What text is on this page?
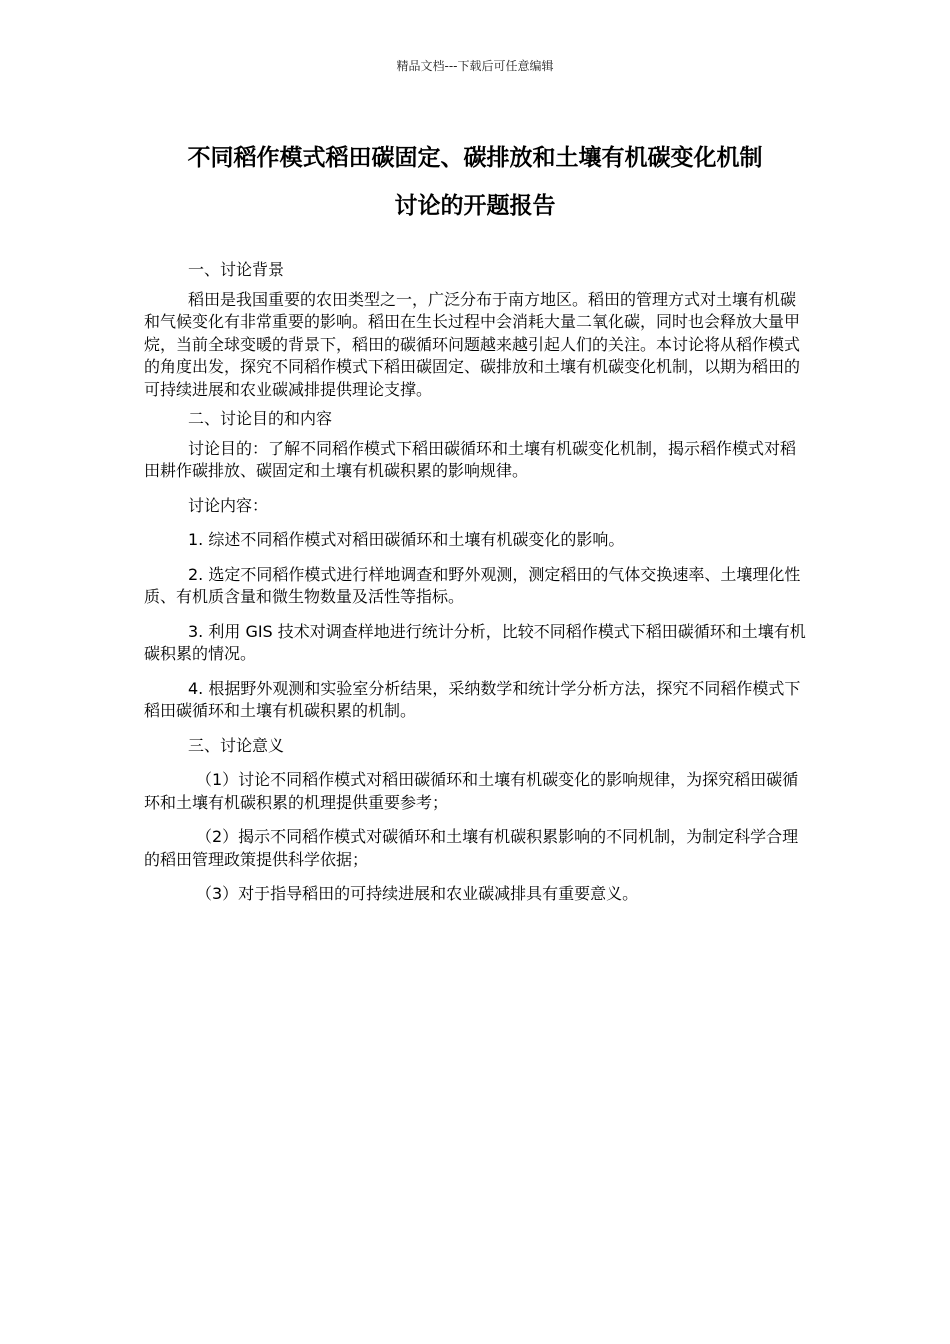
精品文档---下载后可任意编辑
不同稻作模式稻田碳固定、碳排放和土壤有机碳变化机制
讨论的开题报告

一、讨论背景

稻田是我国重要的农田类型之一，广泛分布于南方地区。稻田的管理方式对土壤有机碳和气候变化有非常重要的影响。稻田在生长过程中会消耗大量二氧化碳，同时也会释放大量甲烷，当前全球变暖的背景下，稻田的碳循环问题越来越引起人们的关注。本讨论将从稻作模式的角度出发，探究不同稻作模式下稻田碳固定、碳排放和土壤有机碳变化机制，以期为稻田的可持续进展和农业碳减排提供理论支撑。

二、讨论目的和内容

讨论目的：了解不同稻作模式下稻田碳循环和土壤有机碳变化机制，揭示稻作模式对稻田耕作碳排放、碳固定和土壤有机碳积累的影响规律。

讨论内容：

1. 综述不同稻作模式对稻田碳循环和土壤有机碳变化的影响。

2. 选定不同稻作模式进行样地调查和野外观测，测定稻田的气体交换速率、土壤理化性质、有机质含量和微生物数量及活性等指标。

3. 利用 GIS 技术对调查样地进行统计分析，比较不同稻作模式下稻田碳循环和土壤有机碳积累的情况。

4. 根据野外观测和实验室分析结果，采纳数学和统计学分析方法，探究不同稻作模式下稻田碳循环和土壤有机碳积累的机制。

三、讨论意义

（1）讨论不同稻作模式对稻田碳循环和土壤有机碳变化的影响规律，为探究稻田碳循环和土壤有机碳积累的机理提供重要参考；

（2）揭示不同稻作模式对碳循环和土壤有机碳积累影响的不同机制，为制定科学合理的稻田管理政策提供科学依据；

（3）对于指导稻田的可持续进展和农业碳减排具有重要意义。
